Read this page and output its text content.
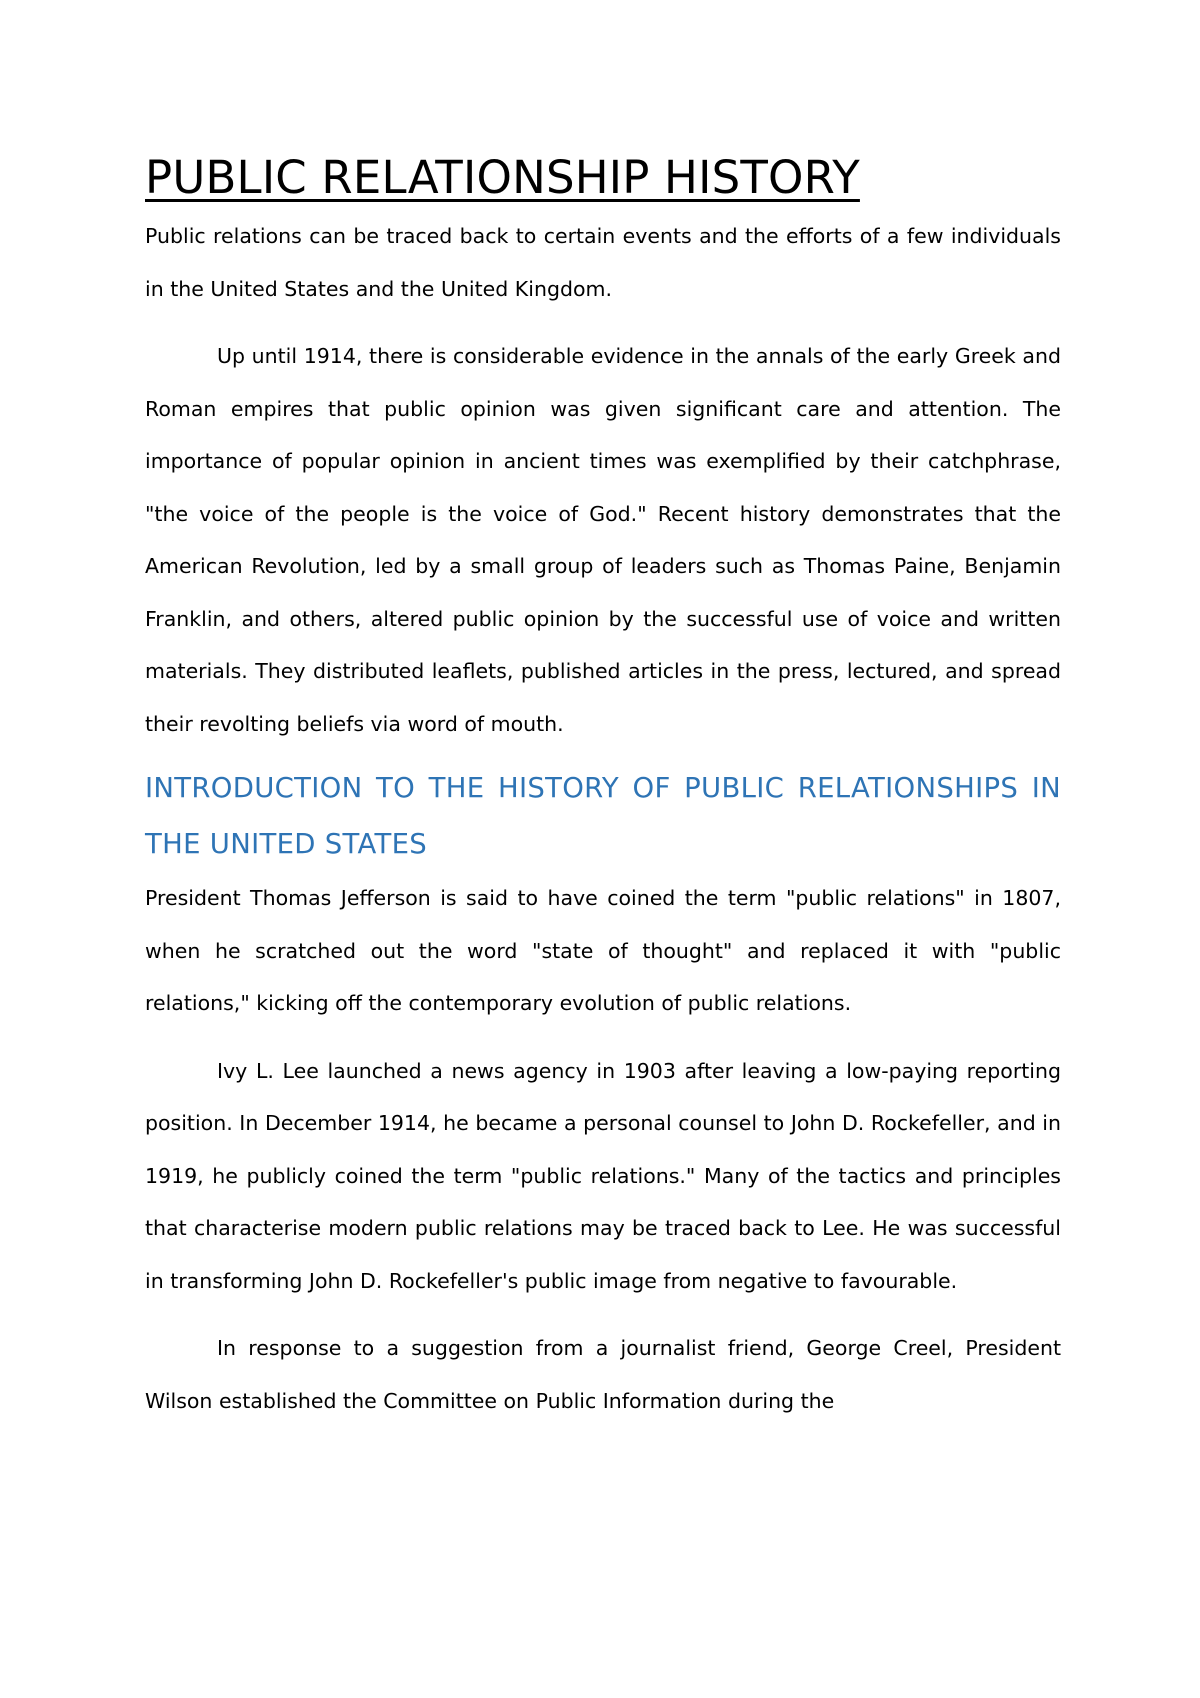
PUBLIC RELATIONSHIP HISTORY

Public relations can be traced back to certain events and the efforts of a few individuals in the United States and the United Kingdom.

Up until 1914, there is considerable evidence in the annals of the early Greek and Roman empires that public opinion was given significant care and attention. The importance of popular opinion in ancient times was exemplified by their catchphrase, "the voice of the people is the voice of God." Recent history demonstrates that the American Revolution, led by a small group of leaders such as Thomas Paine, Benjamin Franklin, and others, altered public opinion by the successful use of voice and written materials. They distributed leaflets, published articles in the press, lectured, and spread their revolting beliefs via word of mouth.

INTRODUCTION TO THE HISTORY OF PUBLIC RELATIONSHIPS IN THE UNITED STATES

President Thomas Jefferson is said to have coined the term "public relations" in 1807, when he scratched out the word "state of thought" and replaced it with "public relations," kicking off the contemporary evolution of public relations.

Ivy L. Lee launched a news agency in 1903 after leaving a low-paying reporting position. In December 1914, he became a personal counsel to John D. Rockefeller, and in 1919, he publicly coined the term "public relations." Many of the tactics and principles that characterise modern public relations may be traced back to Lee. He was successful in transforming John D. Rockefeller's public image from negative to favourable.

In response to a suggestion from a journalist friend, George Creel, President Wilson established the Committee on Public Information during the
